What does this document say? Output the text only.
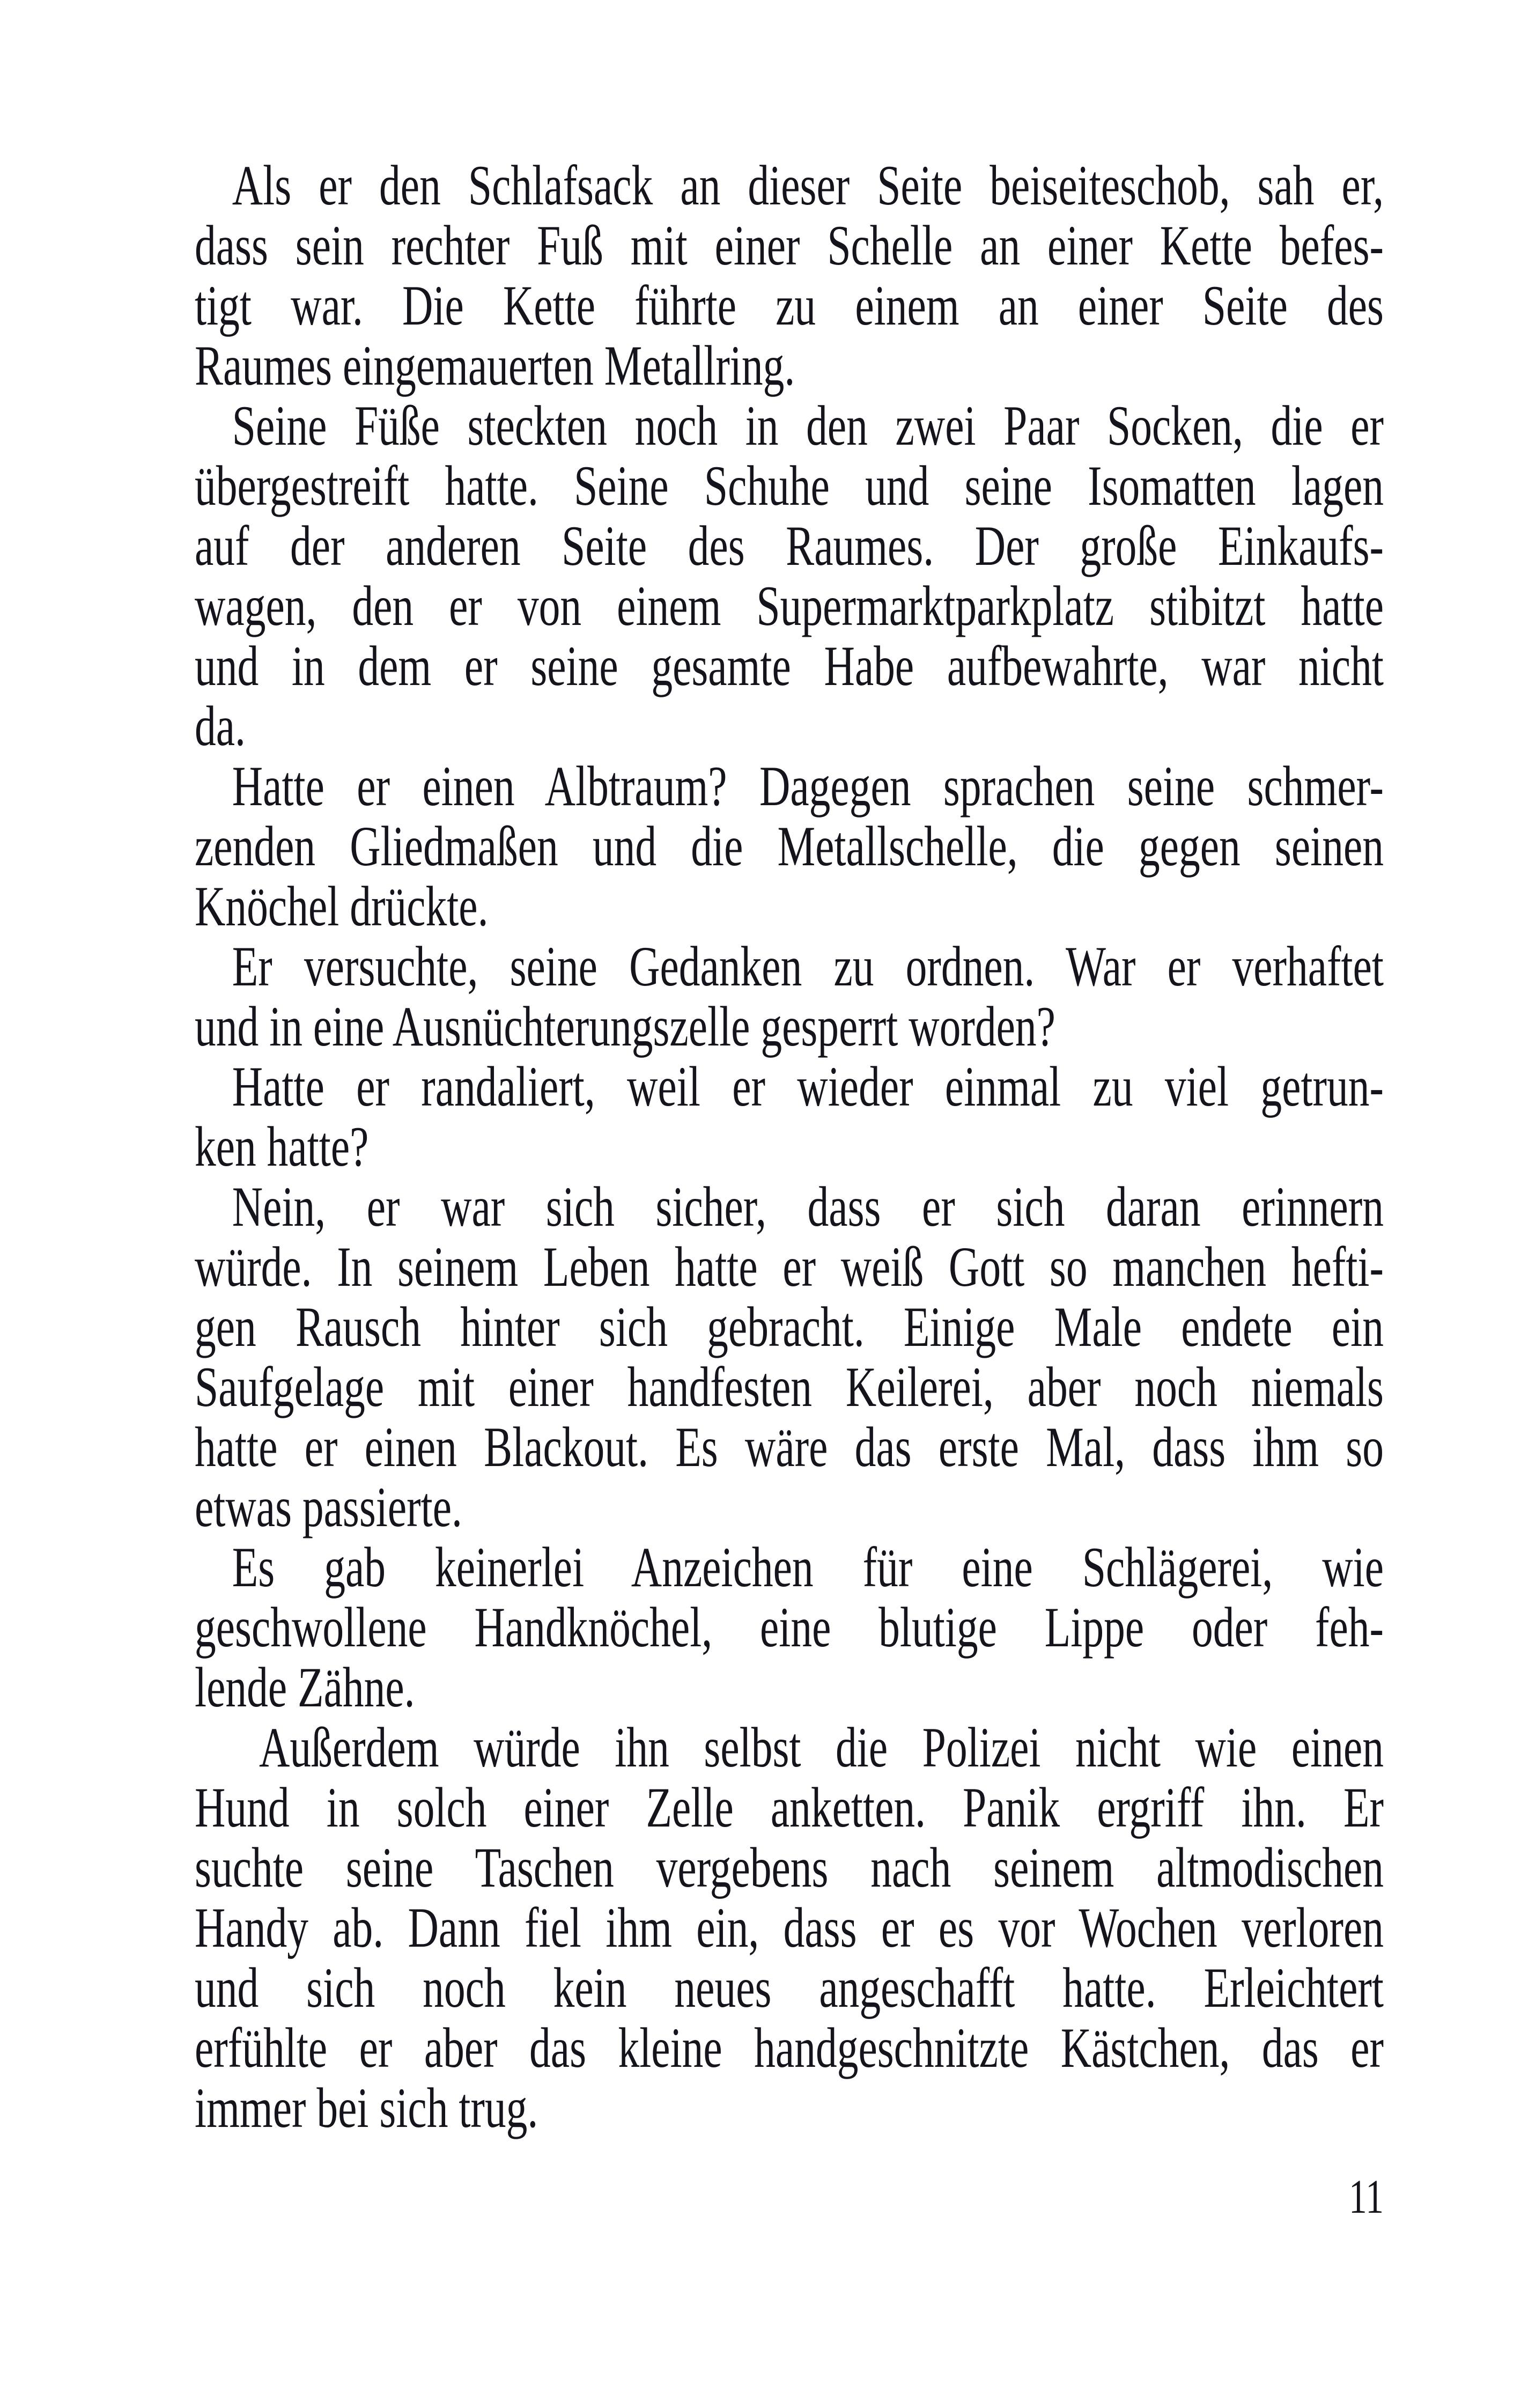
Als er den Schlafsack an dieser Seite beiseiteschob, sah er,
dass sein rechter Fuß mit einer Schelle an einer Kette befes-
tigt war. Die Kette führte zu einem an einer Seite des
Raumes eingemauerten Metallring.
Seine Füße steckten noch in den zwei Paar Socken, die er
übergestreift hatte. Seine Schuhe und seine Isomatten lagen
auf der anderen Seite des Raumes. Der große Einkaufs-
wagen, den er von einem Supermarktparkplatz stibitzt hatte
und in dem er seine gesamte Habe aufbewahrte, war nicht
da.
Hatte er einen Albtraum? Dagegen sprachen seine schmer-
zenden Gliedmaßen und die Metallschelle, die gegen seinen
Knöchel drückte.
Er versuchte, seine Gedanken zu ordnen. War er verhaftet
und in eine Ausnüchterungszelle gesperrt worden?
Hatte er randaliert, weil er wieder einmal zu viel getrun-
ken hatte?
Nein, er war sich sicher, dass er sich daran erinnern
würde. In seinem Leben hatte er weiß Gott so manchen hefti-
gen Rausch hinter sich gebracht. Einige Male endete ein
Saufgelage mit einer handfesten Keilerei, aber noch niemals
hatte er einen Blackout. Es wäre das erste Mal, dass ihm so
etwas passierte.
Es gab keinerlei Anzeichen für eine Schlägerei, wie
geschwollene Handknöchel, eine blutige Lippe oder feh-
lende Zähne.
Außerdem würde ihn selbst die Polizei nicht wie einen
Hund in solch einer Zelle anketten. Panik ergriff ihn. Er
suchte seine Taschen vergebens nach seinem altmodischen
Handy ab. Dann fiel ihm ein, dass er es vor Wochen verloren
und sich noch kein neues angeschafft hatte. Erleichtert
erfühlte er aber das kleine handgeschnitzte Kästchen, das er
immer bei sich trug.
11
